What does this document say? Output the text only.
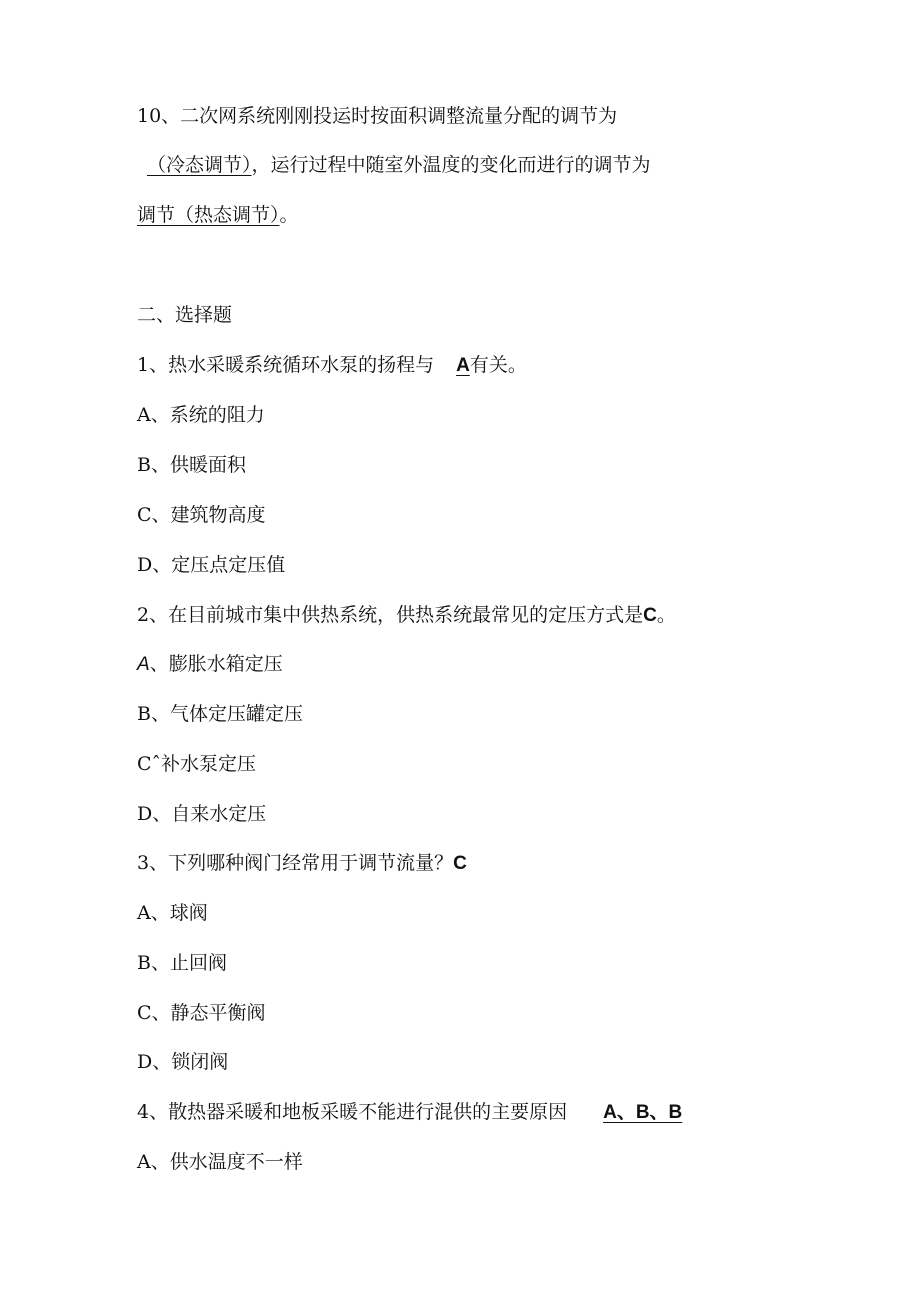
10、二次网系统刚刚投运时按面积调整流量分配的调节为
（冷态调节），运行过程中随室外温度的变化而进行的调节为
调节（热态调节）。
二、选择题
1、热水采暖系统循环水泵的扬程与 A有关。
A、系统的阻力
B、供暖面积
C、建筑物高度
D、定压点定压值
2、在目前城市集中供热系统，供热系统最常见的定压方式是C。
A、膨胀水箱定压
B、气体定压罐定压
Cˆ补水泵定压
D、自来水定压
3、下列哪种阀门经常用于调节流量？C
A、球阀
B、止回阀
C、静态平衡阀
D、锁闭阀
4、散热器采暖和地板采暖不能进行混供的主要原因 A、B、B
A、供水温度不一样
